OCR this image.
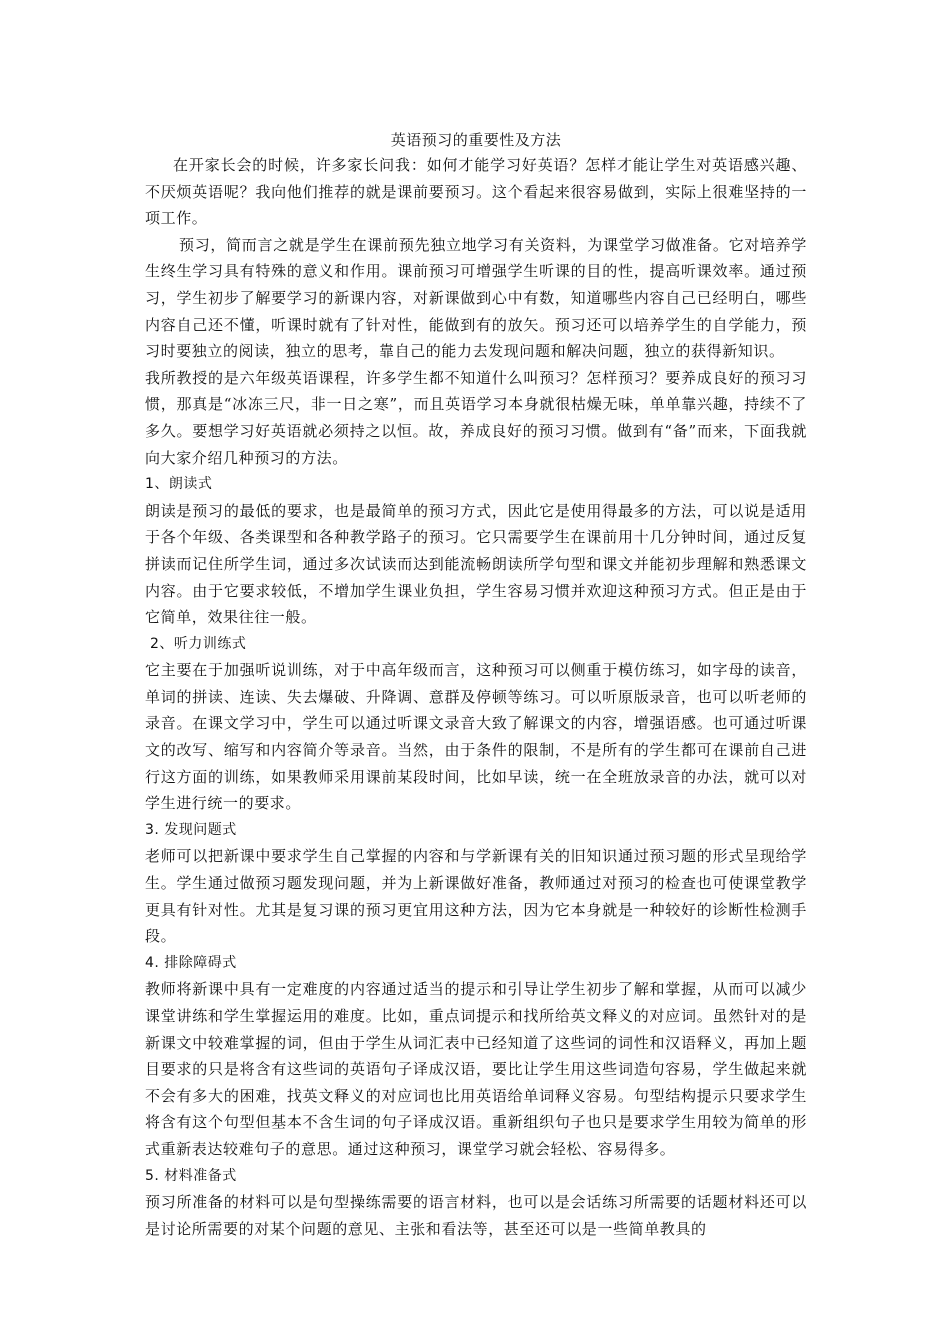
英语预习的重要性及方法

在开家长会的时候，许多家长问我：如何才能学习好英语？怎样才能让学生对英语感兴趣、不厌烦英语呢？我向他们推荐的就是课前要预习。这个看起来很容易做到，实际上很难坚持的一项工作。

预习，简而言之就是学生在课前预先独立地学习有关资料，为课堂学习做准备。它对培养学生终生学习具有特殊的意义和作用。课前预习可增强学生听课的目的性，提高听课效率。通过预习，学生初步了解要学习的新课内容，对新课做到心中有数，知道哪些内容自己已经明白，哪些内容自己还不懂，听课时就有了针对性，能做到有的放矢。预习还可以培养学生的自学能力，预习时要独立的阅读，独立的思考，靠自己的能力去发现问题和解决问题，独立的获得新知识。

我所教授的是六年级英语课程，许多学生都不知道什么叫预习？怎样预习？要养成良好的预习习惯，那真是“冰冻三尺，非一日之寒”，而且英语学习本身就很枯燥无味，单单靠兴趣，持续不了多久。要想学习好英语就必须持之以恒。故，养成良好的预习习惯。做到有“备”而来，下面我就向大家介绍几种预习的方法。

1、朗读式

朗读是预习的最低的要求，也是最简单的预习方式，因此它是使用得最多的方法，可以说是适用于各个年级、各类课型和各种教学路子的预习。它只需要学生在课前用十几分钟时间，通过反复拼读而记住所学生词，通过多次试读而达到能流畅朗读所学句型和课文并能初步理解和熟悉课文内容。由于它要求较低，不增加学生课业负担，学生容易习惯并欢迎这种预习方式。但正是由于它简单，效果往往一般。

2、听力训练式

它主要在于加强听说训练，对于中高年级而言，这种预习可以侧重于模仿练习，如字母的读音，单词的拼读、连读、失去爆破、升降调、意群及停顿等练习。可以听原版录音，也可以听老师的录音。在课文学习中，学生可以通过听课文录音大致了解课文的内容，增强语感。也可通过听课文的改写、缩写和内容简介等录音。当然，由于条件的限制，不是所有的学生都可在课前自己进行这方面的训练，如果教师采用课前某段时间，比如早读，统一在全班放录音的办法，就可以对学生进行统一的要求。

3. 发现问题式

老师可以把新课中要求学生自己掌握的内容和与学新课有关的旧知识通过预习题的形式呈现给学生。学生通过做预习题发现问题，并为上新课做好准备，教师通过对预习的检查也可使课堂教学更具有针对性。尤其是复习课的预习更宜用这种方法，因为它本身就是一种较好的诊断性检测手段。

4. 排除障碍式

教师将新课中具有一定难度的内容通过适当的提示和引导让学生初步了解和掌握，从而可以减少课堂讲练和学生掌握运用的难度。比如，重点词提示和找所给英文释义的对应词。虽然针对的是新课文中较难掌握的词，但由于学生从词汇表中已经知道了这些词的词性和汉语释义，再加上题目要求的只是将含有这些词的英语句子译成汉语，要比让学生用这些词造句容易，学生做起来就不会有多大的困难，找英文释义的对应词也比用英语给单词释义容易。句型结构提示只要求学生将含有这个句型但基本不含生词的句子译成汉语。重新组织句子也只是要求学生用较为简单的形式重新表达较难句子的意思。通过这种预习，课堂学习就会轻松、容易得多。

5. 材料准备式

预习所准备的材料可以是句型操练需要的语言材料，也可以是会话练习所需要的话题材料还可以是讨论所需要的对某个问题的意见、主张和看法等，甚至还可以是一些简单教具的
